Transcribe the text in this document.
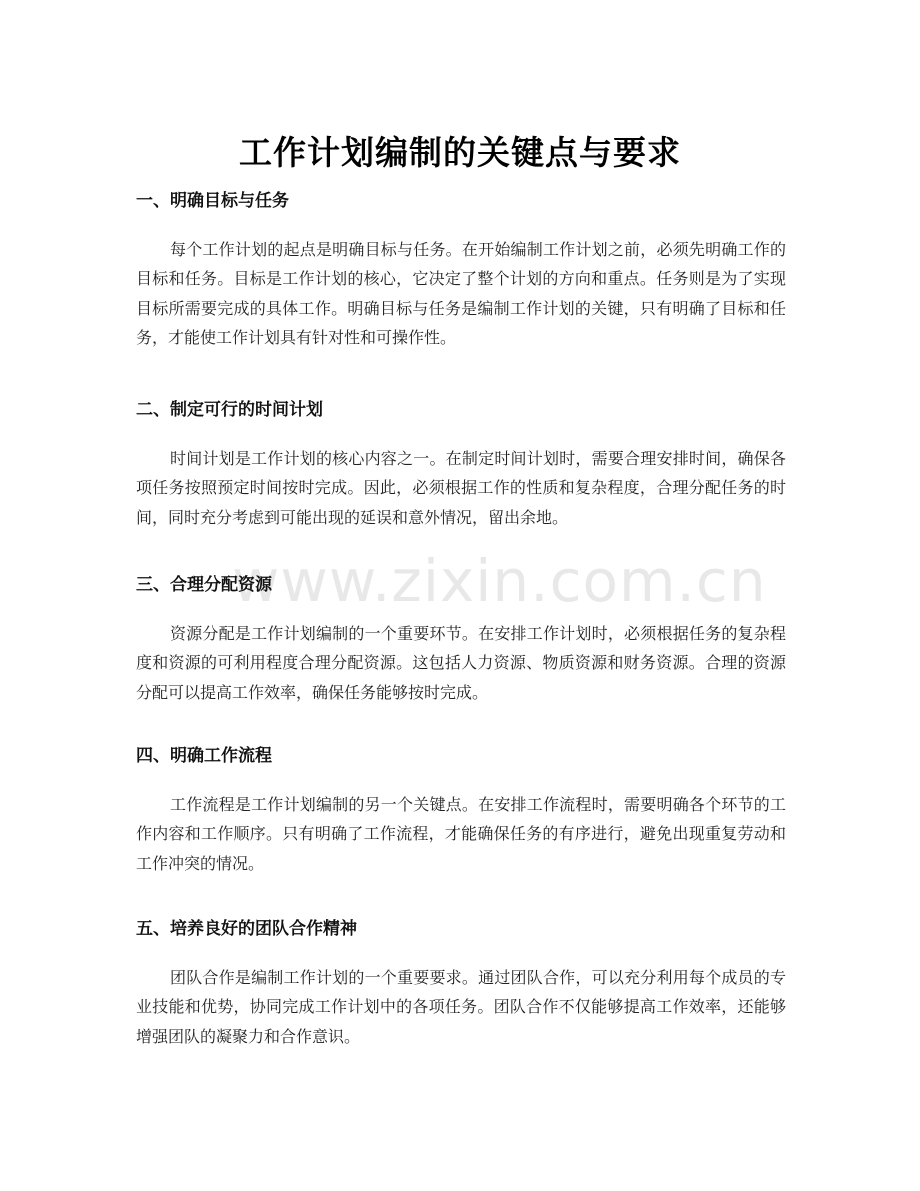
工作计划编制的关键点与要求
www.zixin.com.cn
一、明确目标与任务

每个工作计划的起点是明确目标与任务。在开始编制工作计划之前，必须先明确工作的目标和任务。目标是工作计划的核心，它决定了整个计划的方向和重点。任务则是为了实现目标所需要完成的具体工作。明确目标与任务是编制工作计划的关键，只有明确了目标和任务，才能使工作计划具有针对性和可操作性。

二、制定可行的时间计划

时间计划是工作计划的核心内容之一。在制定时间计划时，需要合理安排时间，确保各项任务按照预定时间按时完成。因此，必须根据工作的性质和复杂程度，合理分配任务的时间，同时充分考虑到可能出现的延误和意外情况，留出余地。

三、合理分配资源

资源分配是工作计划编制的一个重要环节。在安排工作计划时，必须根据任务的复杂程度和资源的可利用程度合理分配资源。这包括人力资源、物质资源和财务资源。合理的资源分配可以提高工作效率，确保任务能够按时完成。

四、明确工作流程

工作流程是工作计划编制的另一个关键点。在安排工作流程时，需要明确各个环节的工作内容和工作顺序。只有明确了工作流程，才能确保任务的有序进行，避免出现重复劳动和工作冲突的情况。

五、培养良好的团队合作精神

团队合作是编制工作计划的一个重要要求。通过团队合作，可以充分利用每个成员的专业技能和优势，协同完成工作计划中的各项任务。团队合作不仅能够提高工作效率，还能够增强团队的凝聚力和合作意识。
